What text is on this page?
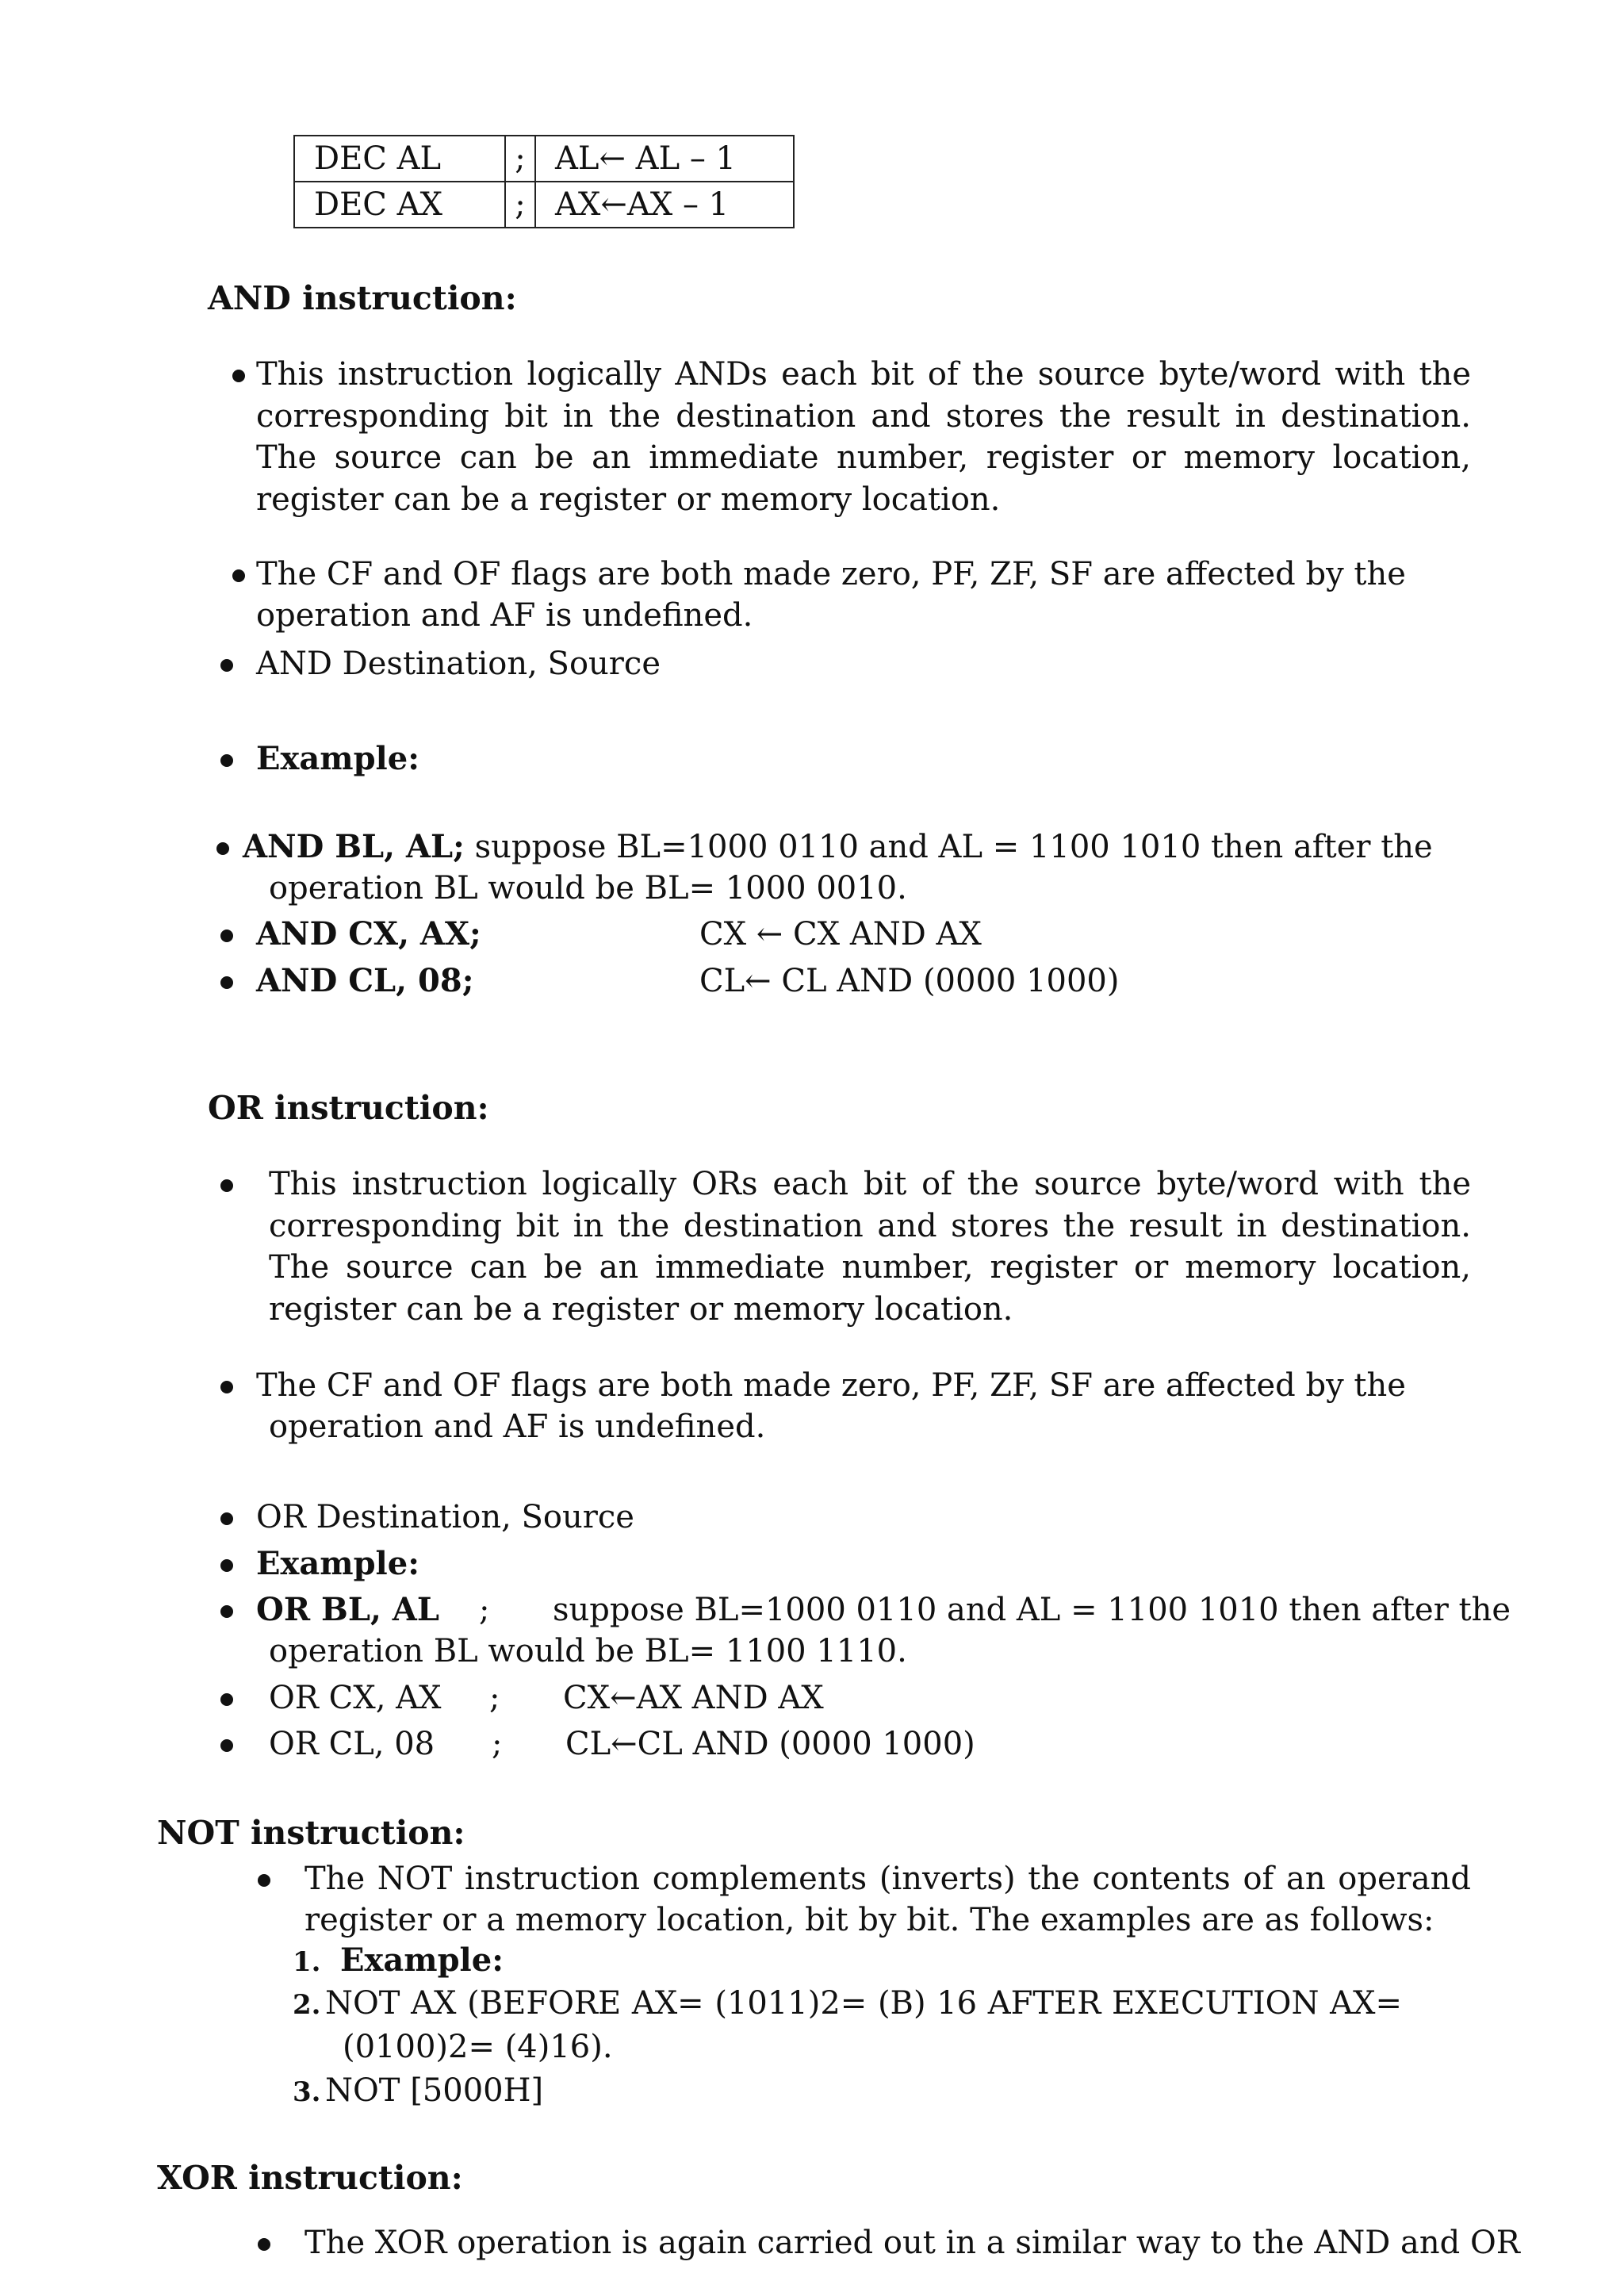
DEC AL	;	AL← AL – 1
DEC AX	;	AX←AX – 1
AND instruction:
This instruction logically ANDs each bit of the source byte/word with the corresponding bit in the destination and stores the result in destination. The source can be an immediate number, register or memory location, register can be a register or memory location.
The CF and OF flags are both made zero, PF, ZF, SF are affected by the
operation and AF is undefined.
AND Destination, Source
Example:
AND BL, AL; suppose BL=1000 0110 and AL = 1100 1010 then after the
operation BL would be BL= 1000 0010.
AND CX, AX;	CX ← CX AND AX
AND CL, 08;	CL← CL AND (0000 1000)
OR instruction:
This instruction logically ORs each bit of the source byte/word with the corresponding bit in the destination and stores the result in destination. The source can be an immediate number, register or memory location, register can be a register or memory location.
The CF and OF flags are both made zero, PF, ZF, SF are affected by the
operation and AF is undefined.
OR Destination, Source
Example:
OR BL, AL ; suppose BL=1000 0110 and AL = 1100 1010 then after the
operation BL would be BL= 1100 1110.
OR CX, AX ; CX←AX AND AX
OR CL, 08 ; CL←CL AND (0000 1000)
NOT instruction:
The NOT instruction complements (inverts) the contents of an operand
register or a memory location, bit by bit. The examples are as follows:
1. Example:
2. NOT AX (BEFORE AX= (1011)2= (B) 16 AFTER EXECUTION AX=
(0100)2= (4)16).
3. NOT [5000H]
XOR instruction:
The XOR operation is again carried out in a similar way to the AND and OR
